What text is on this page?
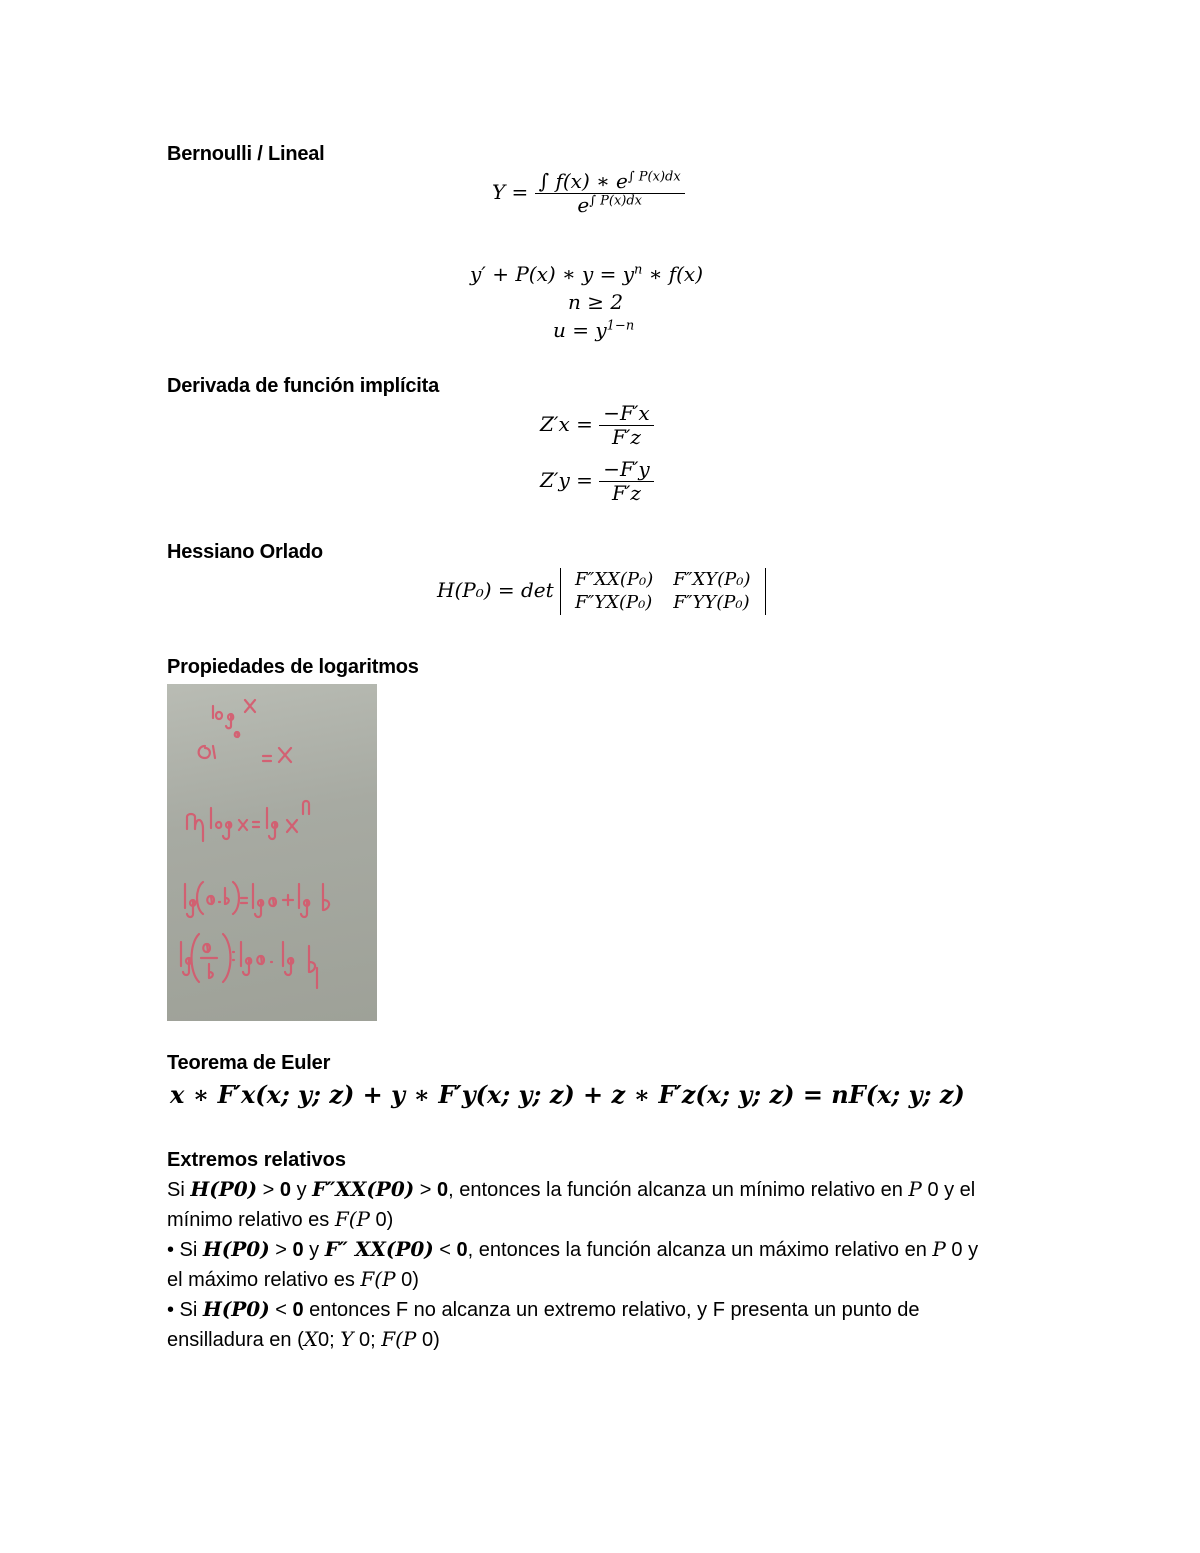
Bernoulli / Lineal
Derivada de función implícita
Hessiano Orlado
Propiedades de logaritmos
Teorema de Euler
$Y = \frac{\int f(x) ∗ e^{\int P(x)dx}}{e^{\int P(x)dx}}$
y′ + P(x) ∗ $y = y^n$ ∗ f(x)
n ≥ 2
$u = y^{1-n}$
$Z'x = \frac{-F'x}{F'z}$
$Z'y = \frac{-F'y}{F'z}$
H(P₀) = det F″XX(P₀)	F″XY(P₀)
F″YX(P₀)	F″YY(P₀)
x ∗ F′x(x; y; z) + y ∗ F′y(x; y; z) + z ∗ F′z(x; y; z) = nF(x; y; z)

Extremos relativos

Si H(P0) > 0 y F″XX(P0) > 0, entonces la función alcanza un mínimo relativo en P 0 y el

mínimo relativo es F(P 0)

• Si H(P0) > 0 y F″ XX(P0) < 0, entonces la función alcanza un máximo relativo en P 0 y

el máximo relativo es F(P 0)

• Si H(P0) < 0 entonces F no alcanza un extremo relativo, y F presenta un punto de

ensilladura en (X0; Y 0; F(P 0)
